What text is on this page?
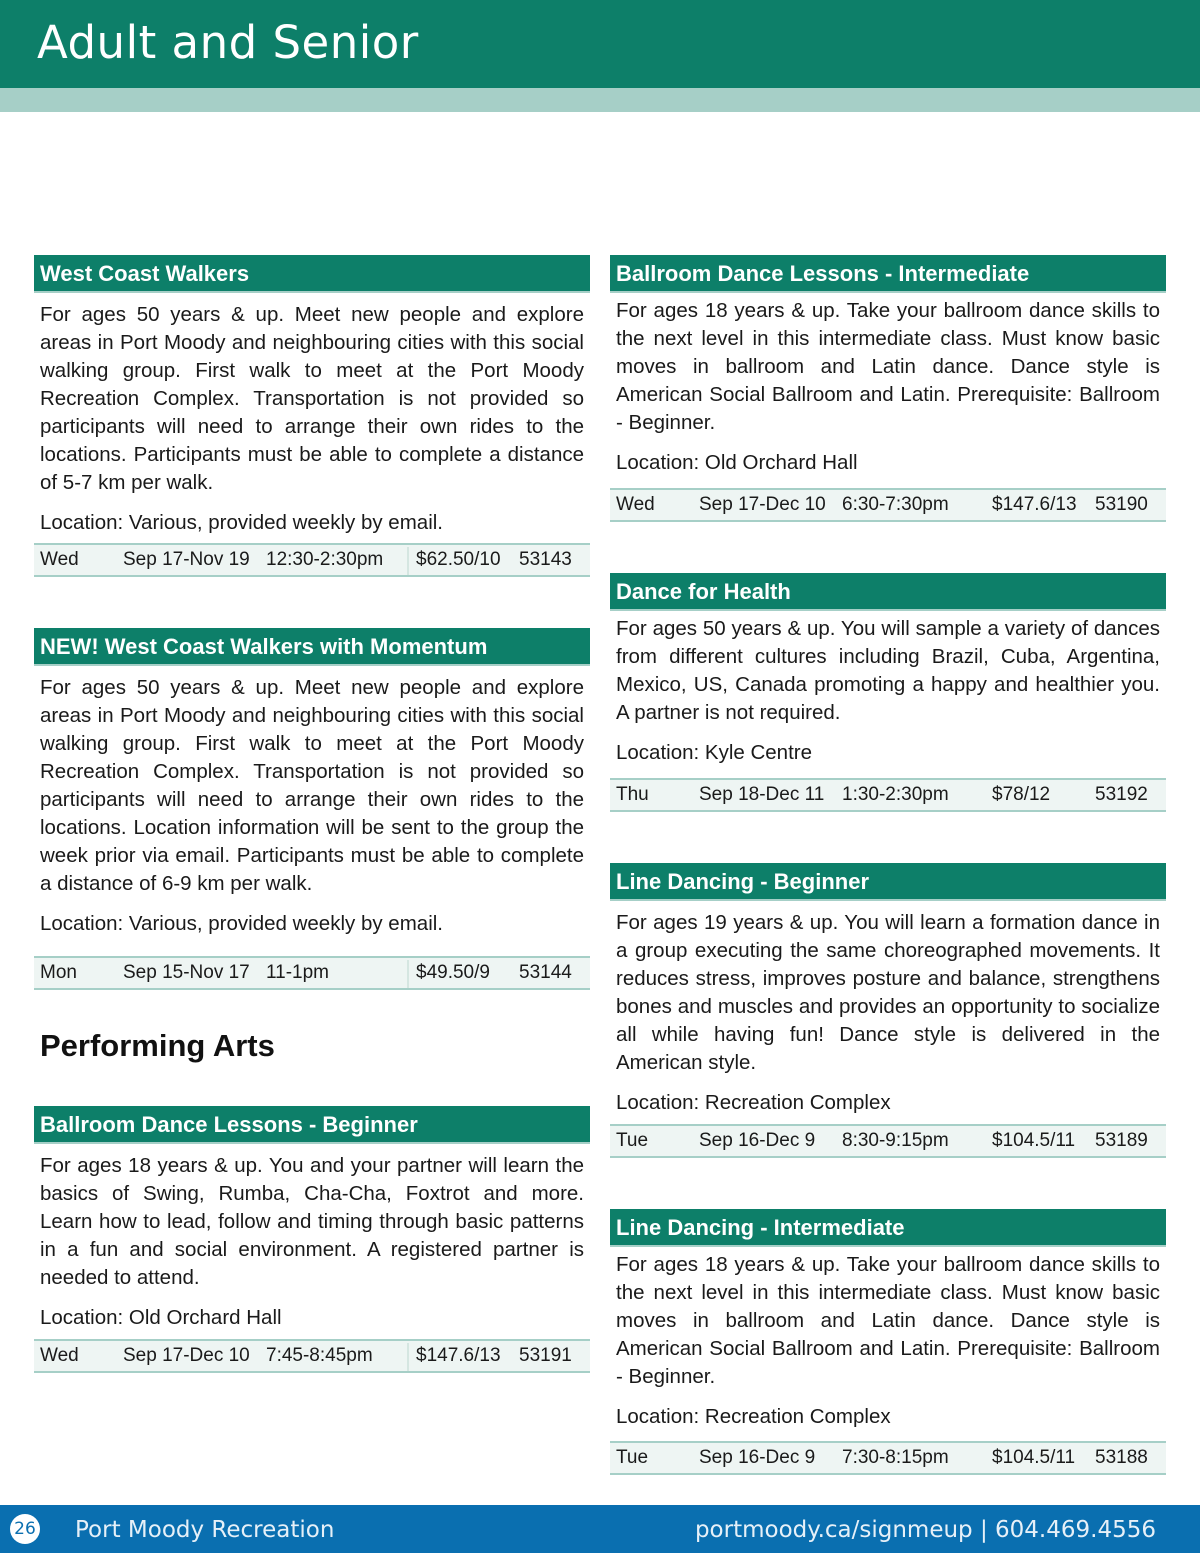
Adult and Senior
West Coast Walkers

For ages 50 years & up. Meet new people and explore areas in Port Moody and neighbouring cities with this social walking group. First walk to meet at the Port Moody Recreation Complex. Transportation is not provided so participants will need to arrange their own rides to the locations. Participants must be able to complete a distance of 5-7 km per walk.

Location: Various, provided weekly by email.

Wed Sep 17-Nov 19 12:30-2:30pm $62.50/10 53143
NEW! West Coast Walkers with Momentum

For ages 50 years & up. Meet new people and explore areas in Port Moody and neighbouring cities with this social walking group. First walk to meet at the Port Moody Recreation Complex. Transportation is not provided so participants will need to arrange their own rides to the locations. Location information will be sent to the group the week prior via email. Participants must be able to complete a distance of 6-9 km per walk.

Location: Various, provided weekly by email.

Mon Sep 15-Nov 17 11-1pm	$49.50/9 53144
Ballroom Dance Lessons - Beginner

For ages 18 years & up. You and your partner will learn the basics of Swing, Rumba, Cha-Cha, Foxtrot and more. Learn how to lead, follow and timing through basic patterns in a fun and social environment. A registered partner is needed to attend.

Location: Old Orchard Hall

Wed Sep 17-Dec 10 7:45-8:45pm $147.6/13 53191
Performing Arts
Ballroom Dance Lessons - Intermediate

For ages 18 years & up. Take your ballroom dance skills to the next level in this intermediate class. Must know basic moves in ballroom and Latin dance. Dance style is American Social Ballroom and Latin. Prerequisite: Ballroom - Beginner.

Location: Old Orchard Hall

Wed Sep 17-Dec 10 6:30-7:30pm $147.6/13 53190
Dance for Health

For ages 50 years & up. You will sample a variety of dances from different cultures including Brazil, Cuba, Argentina, Mexico, US, Canada promoting a happy and healthier you. A partner is not required.

Location: Kyle Centre

Thu	Sep 18-Dec 11 1:30-2:30pm $78/12 53192
Line Dancing - Beginner

For ages 19 years & up. You will learn a formation dance in a group executing the same choreographed movements. It reduces stress, improves posture and balance, strengthens bones and muscles and provides an opportunity to socialize all while having fun! Dance style is delivered in the American style.

Location: Recreation Complex

Tue	Sep 16-Dec 9 8:30-9:15pm $104.5/11 53189
Line Dancing - Intermediate

For ages 18 years & up. Take your ballroom dance skills to the next level in this intermediate class. Must know basic moves in ballroom and Latin dance. Dance style is American Social Ballroom and Latin. Prerequisite: Ballroom - Beginner.

Location: Recreation Complex

Tue	Sep 16-Dec 9 7:30-8:15pm $104.5/11 53188
26 Port Moody Recreation	portmoody.ca/signmeup | 604.469.4556
